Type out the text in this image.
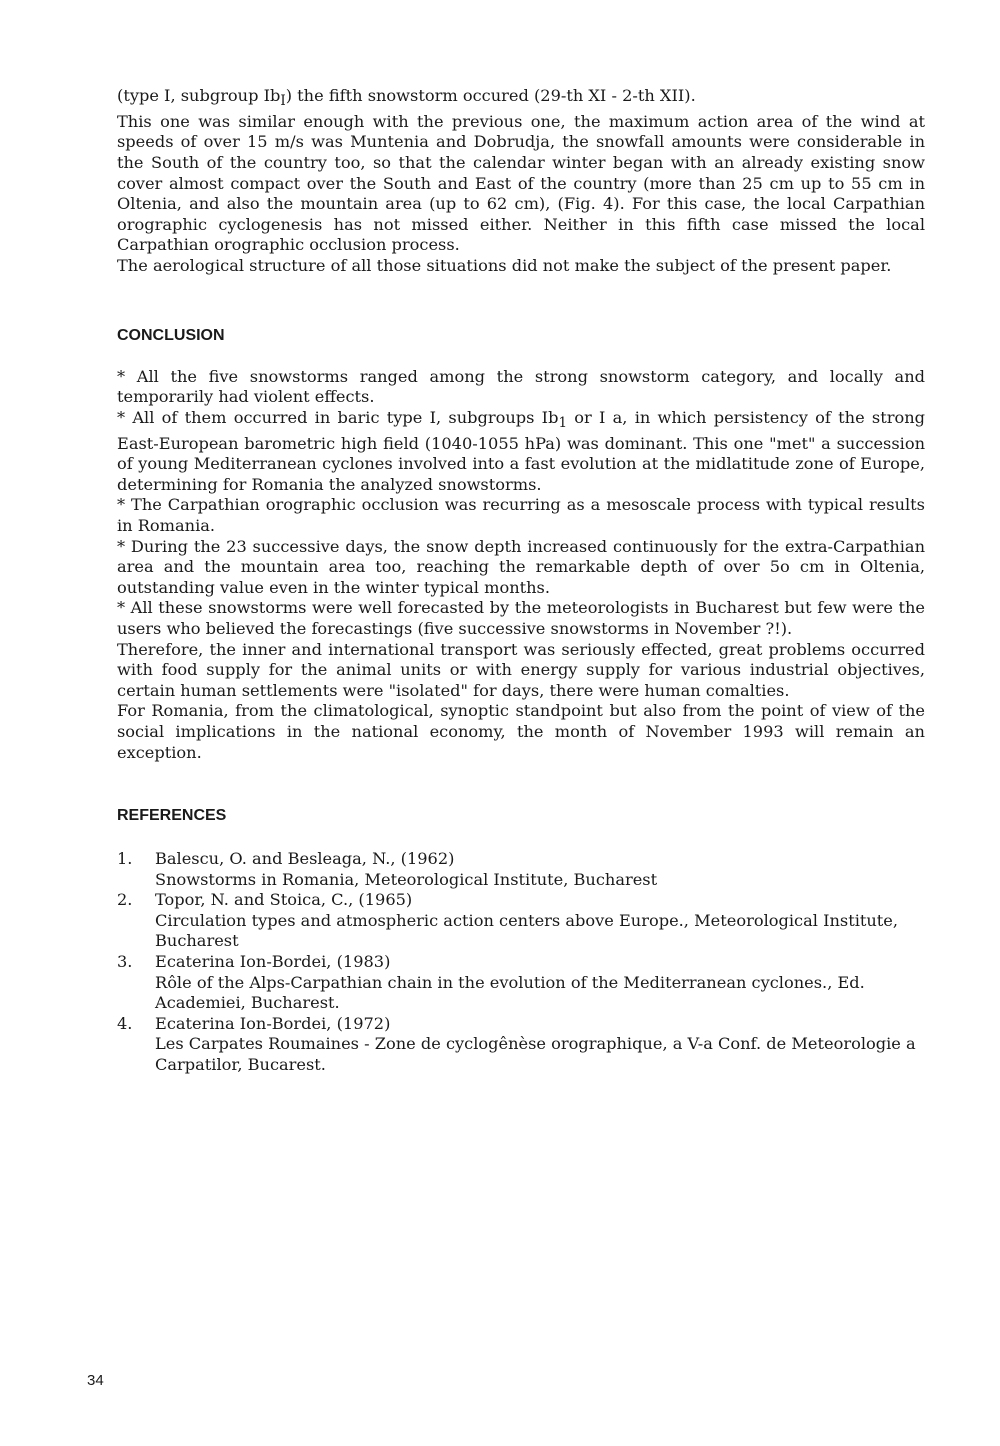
(type I, subgroup $Ib_I$) the fifth snowstorm occured (29-th XI - 2-th XII).

This one was similar enough with the previous one, the maximum action area of the wind at speeds of over 15 m/s was Muntenia and Dobrudja, the snowfall amounts were considerable in the South of the country too, so that the calendar winter began with an already existing snow cover almost compact over the South and East of the country (more than 25 cm up to 55 cm in Oltenia, and also the mountain area (up to 62 cm), (Fig. 4). For this case, the local Carpathian orographic cyclogenesis has not missed either. Neither in this fifth case missed the local Carpathian orographic occlusion process.

The aerological structure of all those situations did not make the subject of the present paper.

CONCLUSION

* All the five snowstorms ranged among the strong snowstorm category, and locally and temporarily had violent effects.

* All of them occurred in baric type I, subgroups $Ib_1$ or I a, in which persistency of the strong East-European barometric high field (1040-1055 hPa) was dominant. This one "met" a succession of young Mediterranean cyclones involved into a fast evolution at the midlatitude zone of Europe, determining for Romania the analyzed snowstorms.

* The Carpathian orographic occlusion was recurring as a mesoscale process with typical results in Romania.

* During the 23 successive days, the snow depth increased continuously for the extra-Carpathian area and the mountain area too, reaching the remarkable depth of over 5o cm in Oltenia, outstanding value even in the winter typical months.

* All these snowstorms were well forecasted by the meteorologists in Bucharest but few were the users who believed the forecastings (five successive snowstorms in November ?!).

Therefore, the inner and international transport was seriously effected, great problems occurred with food supply for the animal units or with energy supply for various industrial objectives, certain human settlements were "isolated" for days, there were human comalties.

For Romania, from the climatological, synoptic standpoint but also from the point of view of the social implications in the national economy, the month of November 1993 will remain an exception.

REFERENCES
1. Balescu, O. and Besleaga, N., (1962)
Snowstorms in Romania, Meteorological Institute, Bucharest
2. Topor, N. and Stoica, C., (1965)
Circulation types and atmospheric action centers above Europe., Meteorological Institute, Bucharest
3. Ecaterina Ion-Bordei, (1983)
Rôle of the Alps-Carpathian chain in the evolution of the Mediterranean cyclones., Ed. Academiei, Bucharest.
4. Ecaterina Ion-Bordei, (1972)
Les Carpates Roumaines - Zone de cyclogênèse orographique, a V-a Conf. de Meteorologie a Carpatilor, Bucarest.
34
